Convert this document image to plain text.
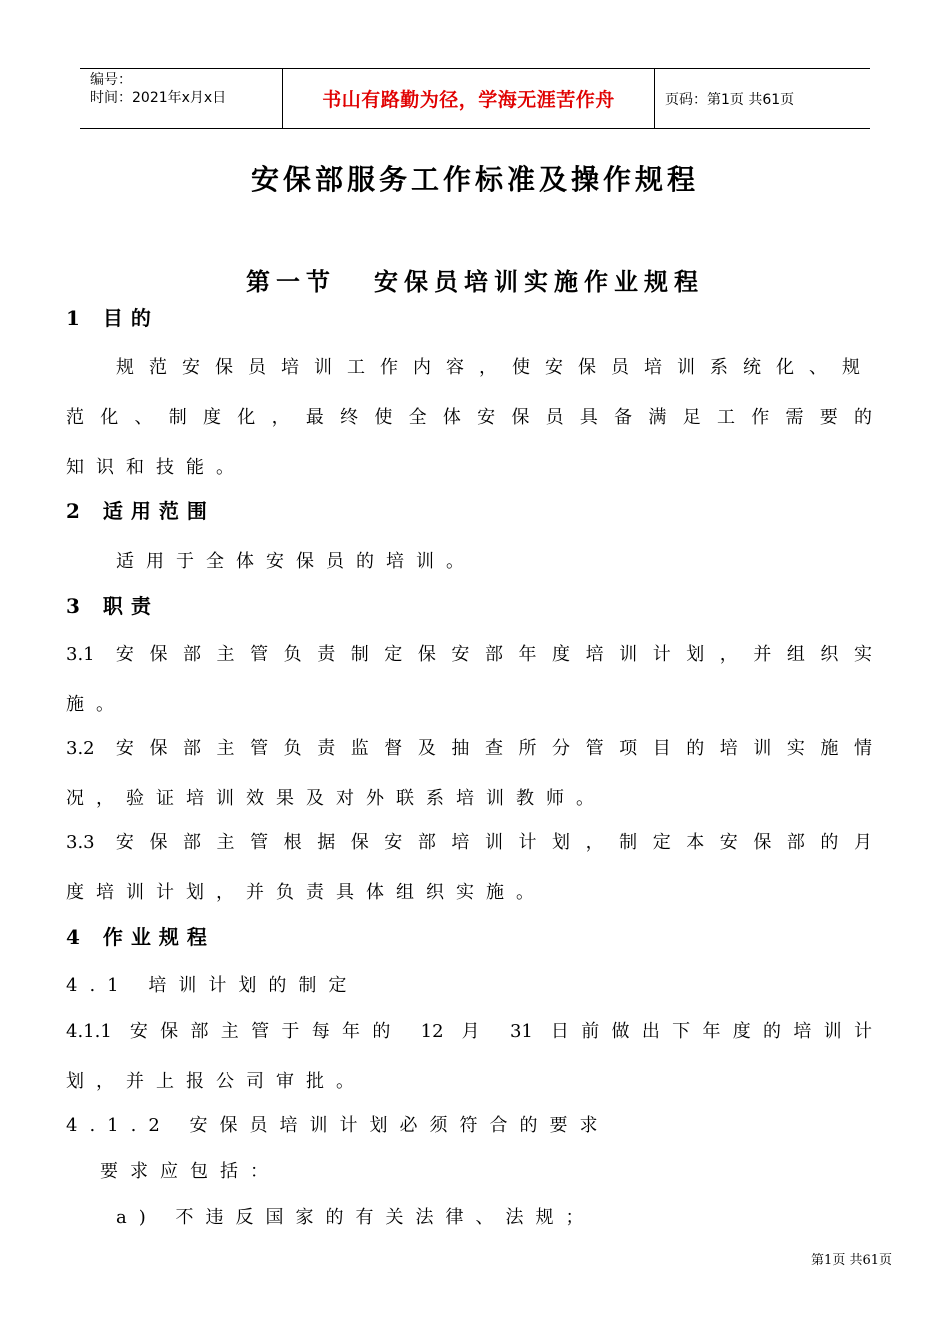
编号：
时间：2021年x月x日	书山有路勤为径，学海无涯苦作舟	页码：第1页 共61页
安保部服务工作标准及操作规程
第一节 安保员培训实施作业规程
1 目的
规范安保员培训工作内容，使安保员培训系统化、规
范化、制度化，最终使全体安保员具备满足工作需要的
知识和技能。
2 适用范围
适用于全体安保员的培训。
3 职责
3.1 安保部主管负责制定保安部年度培训计划，并组织实
施。
3.2 安保部主管负责监督及抽查所分管项目的培训实施情
况，验证培训效果及对外联系培训教师。
3.3 安保部主管根据保安部培训计划，制定本安保部的月
度培训计划，并负责具体组织实施。
4 作业规程
4.1 培训计划的制定
4.1.1 安保部主管于每年的 12 月 31 日前做出下年度的培训计
划，并上报公司审批。
4.1.2 安保员培训计划必须符合的要求
要求应包括：
a) 不违反国家的有关法律、法规；
第1页 共61页
